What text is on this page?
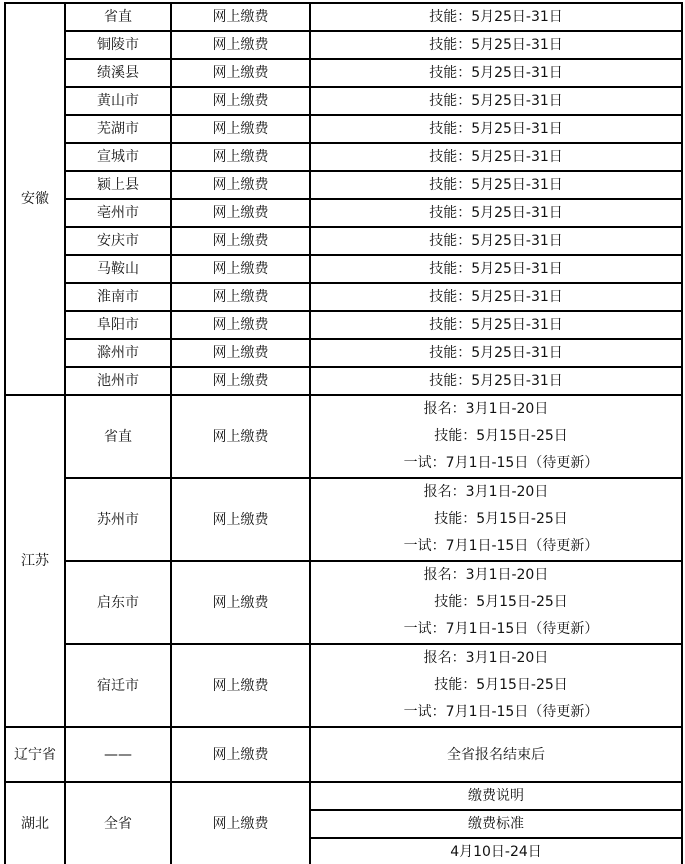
安徽	省直	网上缴费	技能：5月25日-31日
	铜陵市	网上缴费	技能：5月25日-31日
	绩溪县	网上缴费	技能：5月25日-31日
	黄山市	网上缴费	技能：5月25日-31日
	芜湖市	网上缴费	技能：5月25日-31日
	宣城市	网上缴费	技能：5月25日-31日
	颍上县	网上缴费	技能：5月25日-31日
	亳州市	网上缴费	技能：5月25日-31日
	安庆市	网上缴费	技能：5月25日-31日
	马鞍山	网上缴费	技能：5月25日-31日
	淮南市	网上缴费	技能：5月25日-31日
	阜阳市	网上缴费	技能：5月25日-31日
	滁州市	网上缴费	技能：5月25日-31日
	池州市	网上缴费	技能：5月25日-31日
江苏	省直	网上缴费	报名：3月1日-20日
技能：5月15日-25日
一试：7月1日-15日（待更新）

	苏州市	网上缴费	报名：3月1日-20日
技能：5月15日-25日
一试：7月1日-15日（待更新）

	启东市	网上缴费	报名：3月1日-20日
技能：5月15日-25日
一试：7月1日-15日（待更新）

	宿迁市	网上缴费	报名：3月1日-20日
技能：5月15日-25日
一试：7月1日-15日（待更新）

辽宁省	——	网上缴费	全省报名结束后
湖北	全省	网上缴费	缴费说明
			缴费标准
			4月10日-24日
